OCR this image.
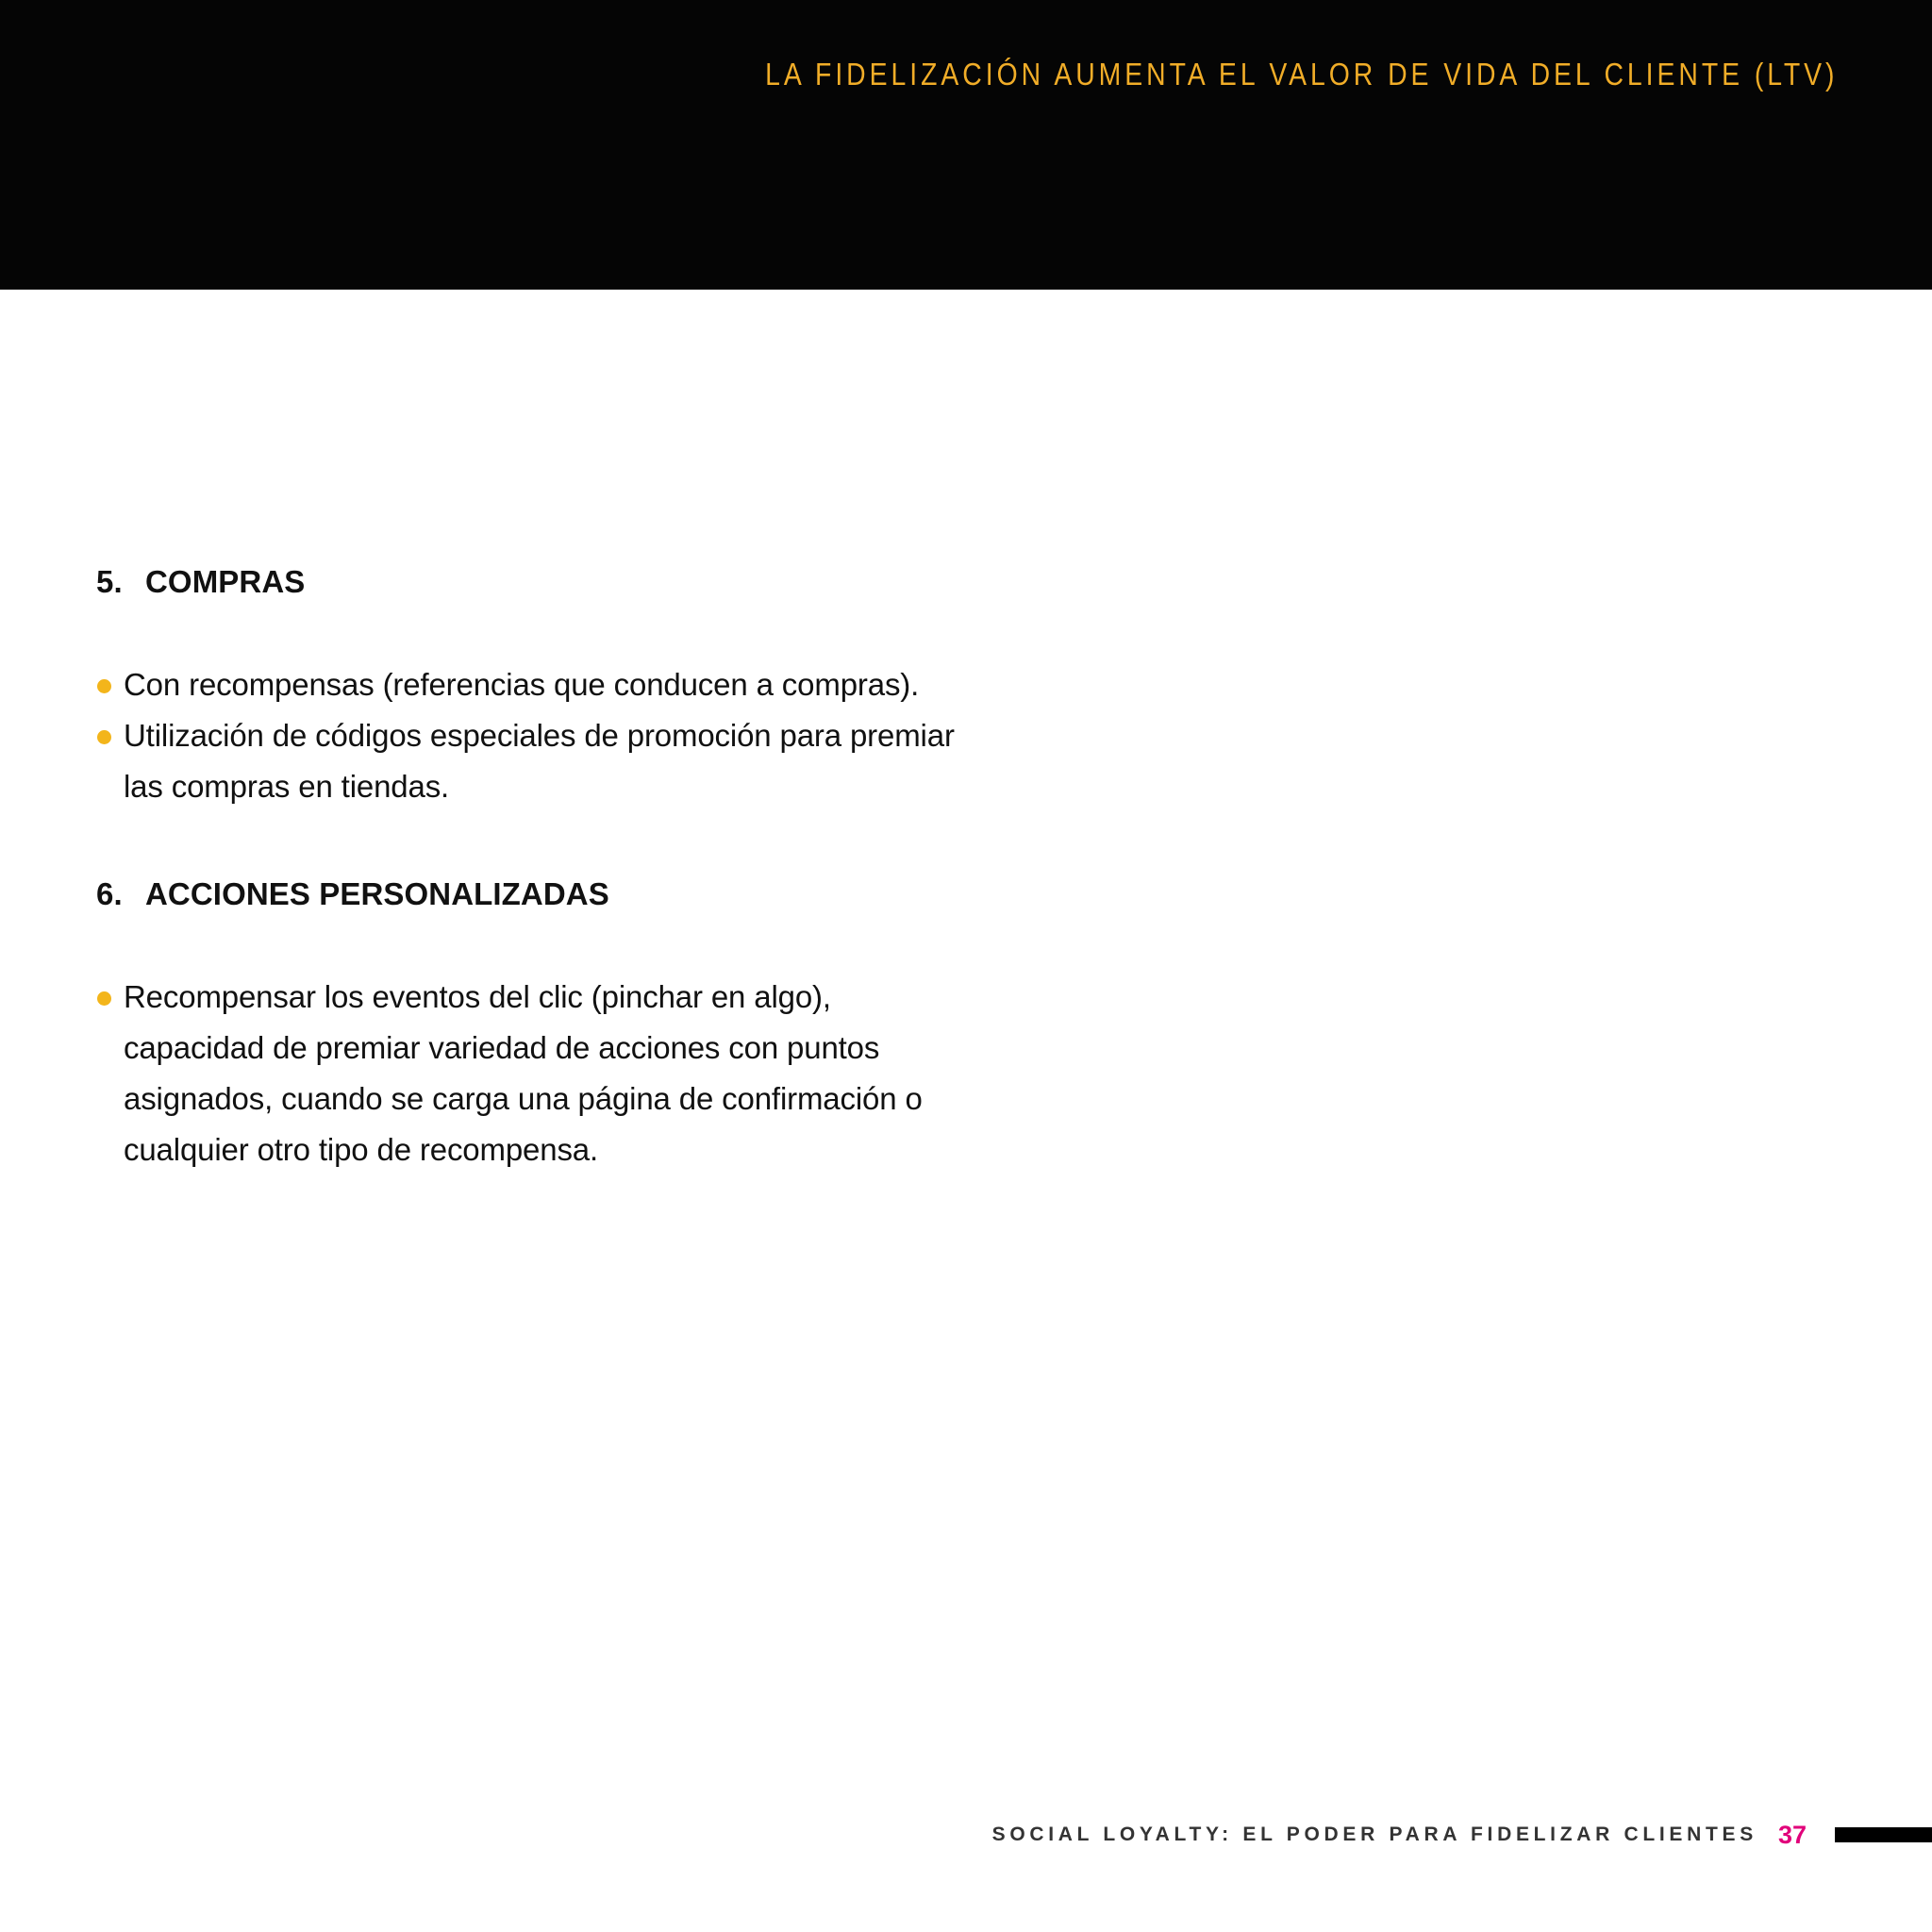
LA FIDELIZACIÓN AUMENTA EL VALOR DE VIDA DEL CLIENTE (LTV)
5. COMPRAS
Con recompensas (referencias que conducen a compras).
Utilización de códigos especiales de promoción para premiar las compras en tiendas.
6. ACCIONES PERSONALIZADAS
Recompensar los eventos del clic (pinchar en algo), capacidad de premiar variedad de acciones con puntos asignados, cuando se carga una página de confirmación o cualquier otro tipo de recompensa.
SOCIAL LOYALTY: EL PODER PARA FIDELIZAR CLIENTES 37
